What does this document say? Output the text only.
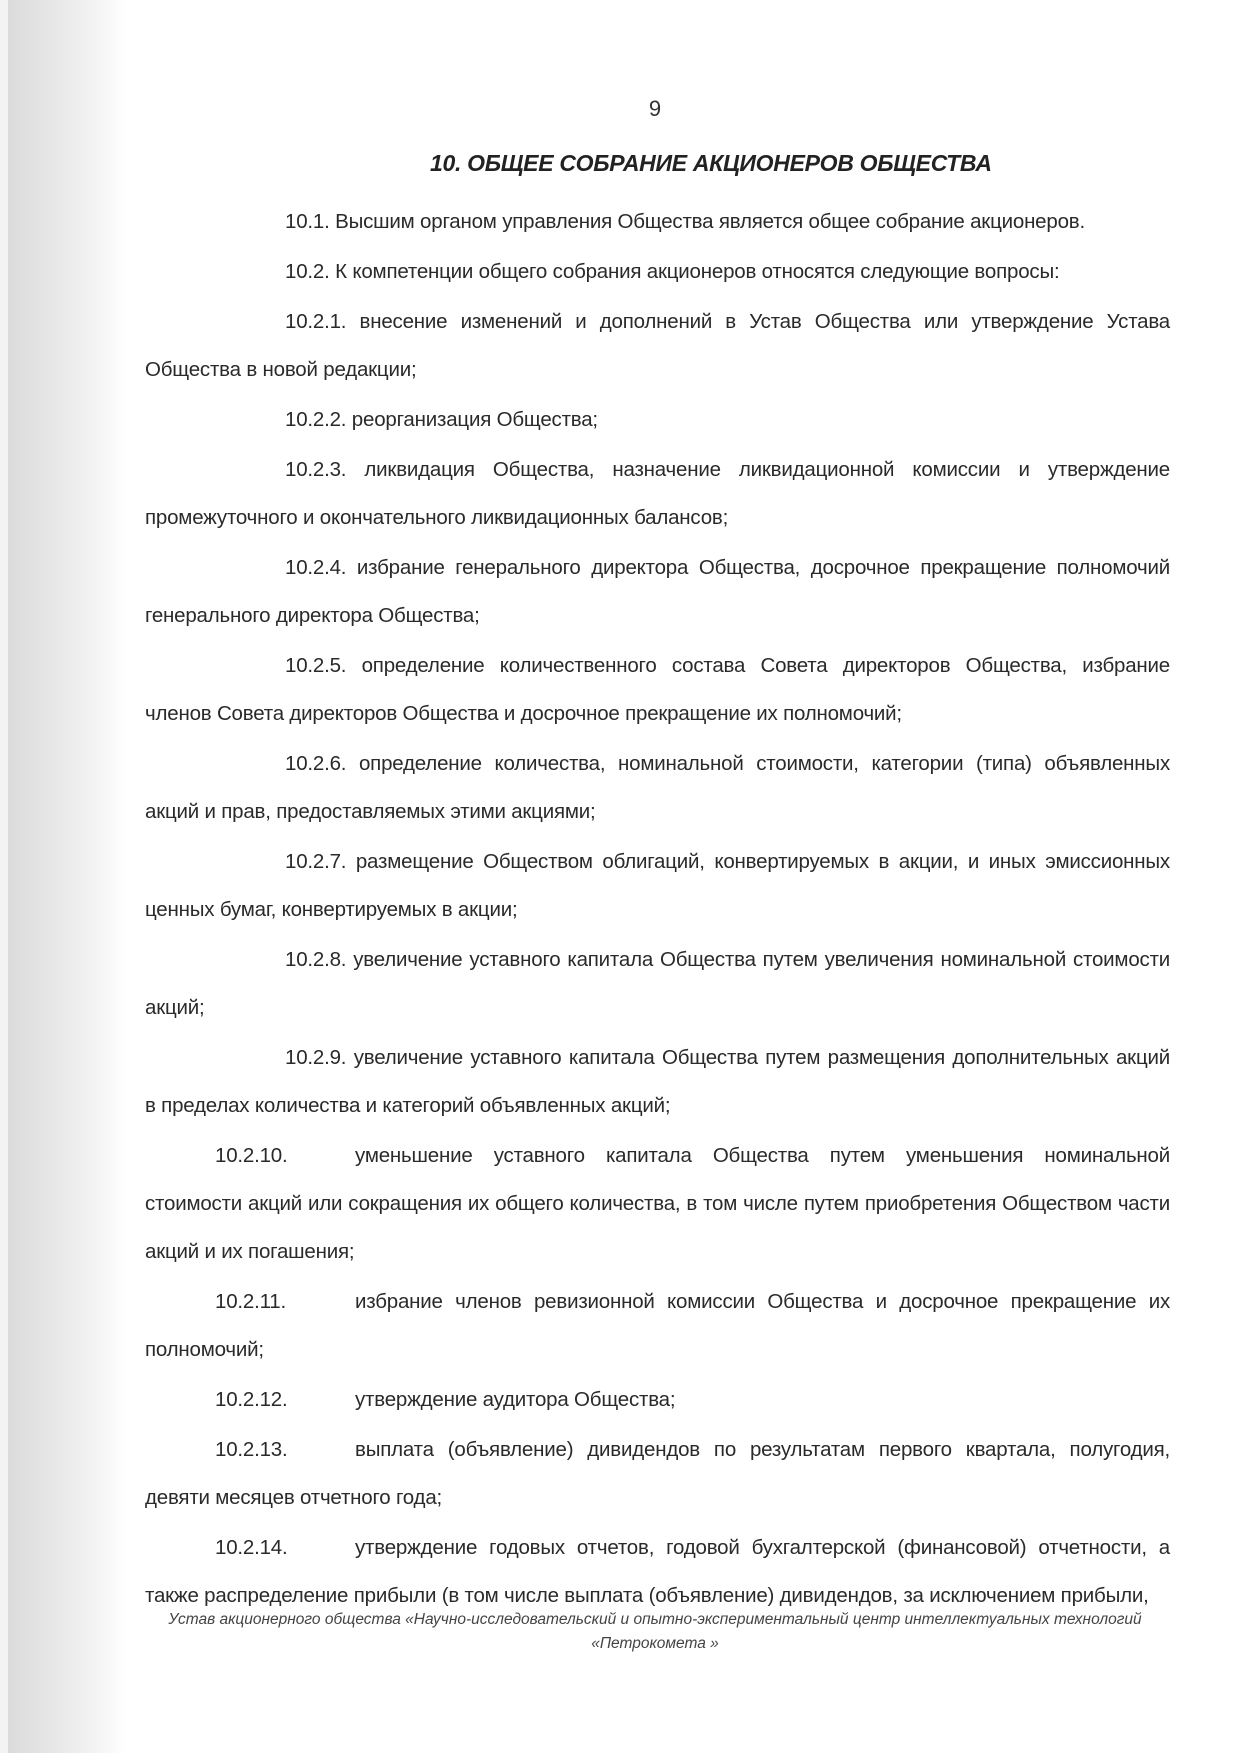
9
10. ОБЩЕЕ СОБРАНИЕ АКЦИОНЕРОВ ОБЩЕСТВА

10.1. Высшим органом управления Общества является общее собрание акционеров.

10.2. К компетенции общего собрания акционеров относятся следующие вопросы:

10.2.1. внесение изменений и дополнений в Устав Общества или утверждение Устава Общества в новой редакции;

10.2.2. реорганизация Общества;

10.2.3. ликвидация Общества, назначение ликвидационной комиссии и утверждение промежуточного и окончательного ликвидационных балансов;

10.2.4. избрание генерального директора Общества, досрочное прекращение полномочий генерального директора Общества;

10.2.5. определение количественного состава Совета директоров Общества, избрание членов Совета директоров Общества и досрочное прекращение их полномочий;

10.2.6. определение количества, номинальной стоимости, категории (типа) объявленных акций и прав, предоставляемых этими акциями;

10.2.7. размещение Обществом облигаций, конвертируемых в акции, и иных эмиссионных ценных бумаг, конвертируемых в акции;

10.2.8. увеличение уставного капитала Общества путем увеличения номинальной стоимости акций;

10.2.9. увеличение уставного капитала Общества путем размещения дополнительных акций в пределах количества и категорий объявленных акций;

10.2.10.	уменьшение уставного капитала Общества путем уменьшения номинальной стоимости акций или сокращения их общего количества, в том числе путем приобретения Обществом части акций и их погашения;

10.2.11.	избрание членов ревизионной комиссии Общества и досрочное прекращение их полномочий;

10.2.12.	утверждение аудитора Общества;

10.2.13.	выплата (объявление) дивидендов по результатам первого квартала, полугодия, девяти месяцев отчетного года;

10.2.14.	утверждение годовых отчетов, годовой бухгалтерской (финансовой) отчетности, а также распределение прибыли (в том числе выплата (объявление) дивидендов, за исключением прибыли,

Устав акционерного общества «Научно-исследовательский и опытно-экспериментальный центр интеллектуальных технологий
«Петрокомета »
